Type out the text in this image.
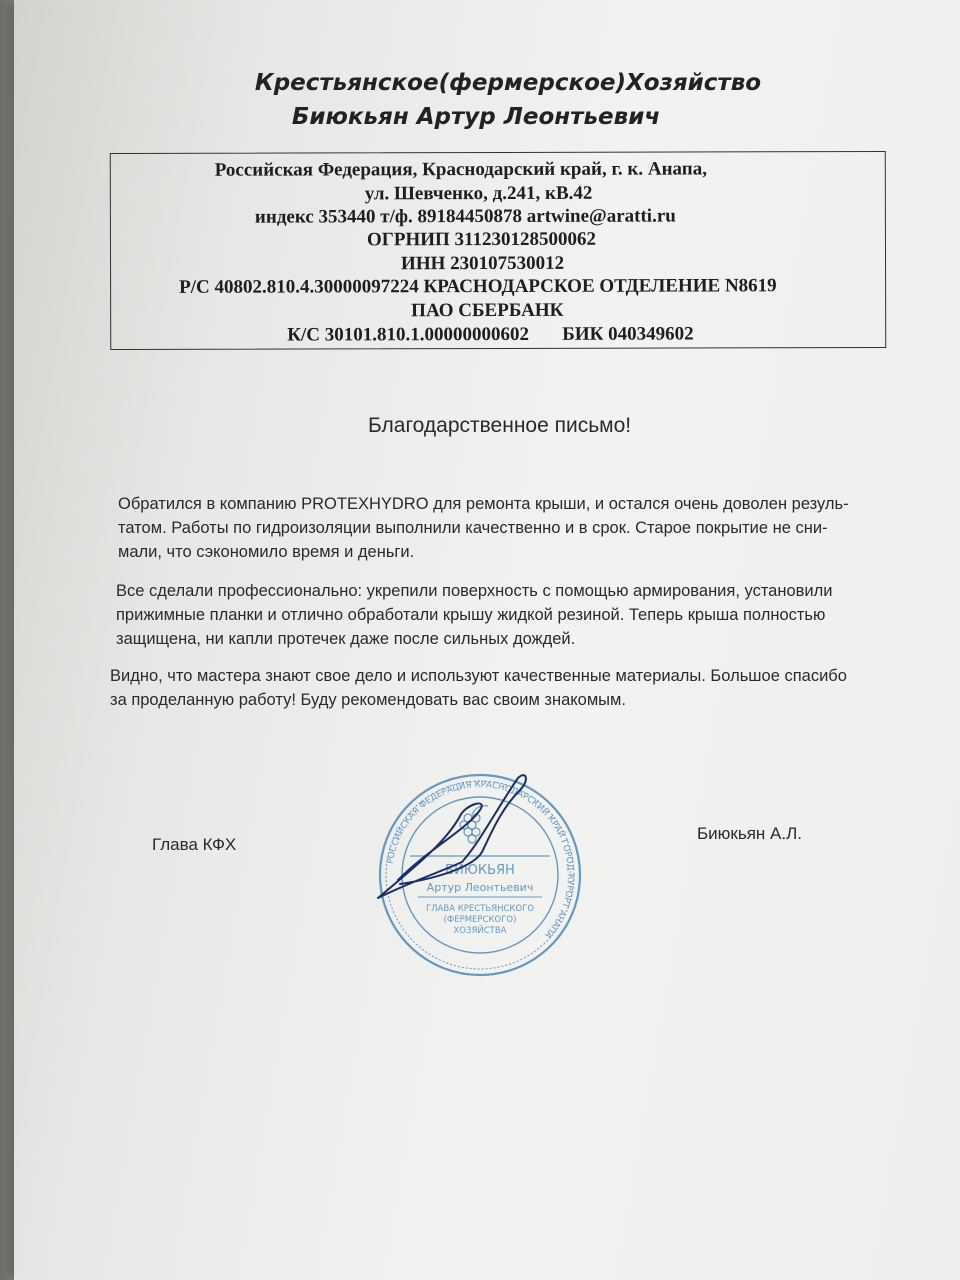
Крестьянское(фермерское)Хозяйство
Биюкьян Артур Леонтьевич
Российская Федерация, Краснодарский край, г. к. Анапа,
ул. Шевченко, д.241, кВ.42
индекс 353440 т/ф. 89184450878 artwine@aratti.ru
ОГРНИП 311230128500062
ИНН 230107530012
Р/С 40802.810.4.30000097224 КРАСНОДАРСКОЕ ОТДЕЛЕНИЕ N8619
ПАО СБЕРБАНК
К/С 30101.810.1.00000000602       БИК 040349602
Благодарственное письмо!
Обратился в компанию PROTEXHYDRO для ремонта крыши, и остался очень доволен резуль-
татом. Работы по гидроизоляции выполнили качественно и в срок. Старое покрытие не сни-
мали, что сэкономило время и деньги.
Все сделали профессионально: укрепили поверхность с помощью армирования, установили
прижимные планки и отлично обработали крышу жидкой резиной. Теперь крыша полностью
защищена, ни капли протечек даже после сильных дождей.
Видно, что мастера знают свое дело и используют качественные материалы. Большое спасибо
за проделанную работу! Буду рекомендовать вас своим знакомым.
Глава КФХ
Биюкьян А.Л.
РОССИЙСКАЯ ФЕДЕРАЦИЯ КРАСНОДАРСКИЙ КРАЙ ГОРОД-КУРОРТ АНАПА
БИЮКЬЯН
Артур Леонтьевич
ГЛАВА КРЕСТЬЯНСКОГО
(ФЕРМЕРСКОГО)
ХОЗЯЙСТВА
